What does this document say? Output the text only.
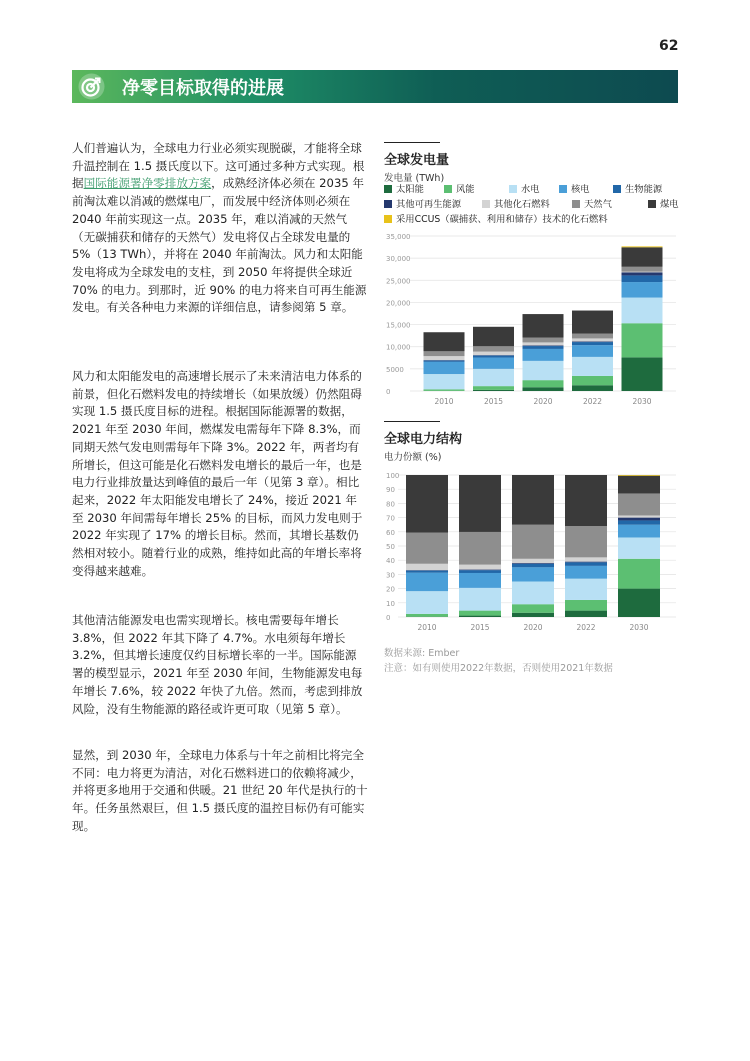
62
净零目标取得的进展

人们普遍认为，全球电力行业必须实现脱碳，才能将全球升温控制在 1.5 摄氏度以下。这可通过多种方式实现。根据国际能源署净零排放方案，成熟经济体必须在 2035 年前淘汰难以消减的燃煤电厂，而发展中经济体则必须在 2040 年前实现这一点。2035 年，难以消减的天然气（无碳捕获和储存的天然气）发电将仅占全球发电量的 5%（13 TWh），并将在 2040 年前淘汰。风力和太阳能发电将成为全球发电的支柱，到 2050 年将提供全球近 70% 的电力。到那时，近 90% 的电力将来自可再生能源发电。有关各种电力来源的详细信息，请参阅第 5 章。

风力和太阳能发电的高速增长展示了未来清洁电力体系的前景，但化石燃料发电的持续增长（如果放缓）仍然阻碍实现 1.5 摄氏度目标的进程。根据国际能源署的数据，2021 年至 2030 年间，燃煤发电需每年下降 8.3%，而同期天然气发电则需每年下降 3%。2022 年，两者均有所增长，但这可能是化石燃料发电增长的最后一年，也是电力行业排放量达到峰值的最后一年（见第 3 章）。相比起来，2022 年太阳能发电增长了 24%，接近 2021 年至 2030 年间需每年增长 25% 的目标，而风力发电则于 2022 年实现了 17% 的增长目标。然而，其增长基数仍然相对较小。随着行业的成熟，维持如此高的年增长率将变得越来越难。

其他清洁能源发电也需实现增长。核电需要每年增长 3.8%，但 2022 年其下降了 4.7%。水电须每年增长 3.2%，但其增长速度仅约目标增长率的一半。国际能源署的模型显示，2021 年至 2030 年间，生物能源发电每年增长 7.6%，较 2022 年快了九倍。然而，考虑到排放风险，没有生物能源的路径或许更可取（见第 5 章）。

显然，到 2030 年，全球电力体系与十年之前相比将完全不同：电力将更为清洁，对化石燃料进口的依赖将减少，并将更多地用于交通和供暖。21 世纪 20 年代是执行的十年。任务虽然艰巨，但 1.5 摄氏度的温控目标仍有可能实现。

全球发电量
发电量 (TWh)
太阳能	风能	水电	核电	生物能源
其他可再生能源	其他化石燃料	天然气	煤电
采用CCUS（碳捕获、利用和储存）技术的化石燃料
0
5000
10,000
15,000
20,000
25,000
30,000
35,000
2010	2015	2020	2022	2030
全球电力结构
电力份额 (%)
0
10
20
30
40
50
60
70
80
90
100
2010	2015	2020	2022	2030
数据来源: Ember
注意：如有则使用2022年数据，否则使用2021年数据
